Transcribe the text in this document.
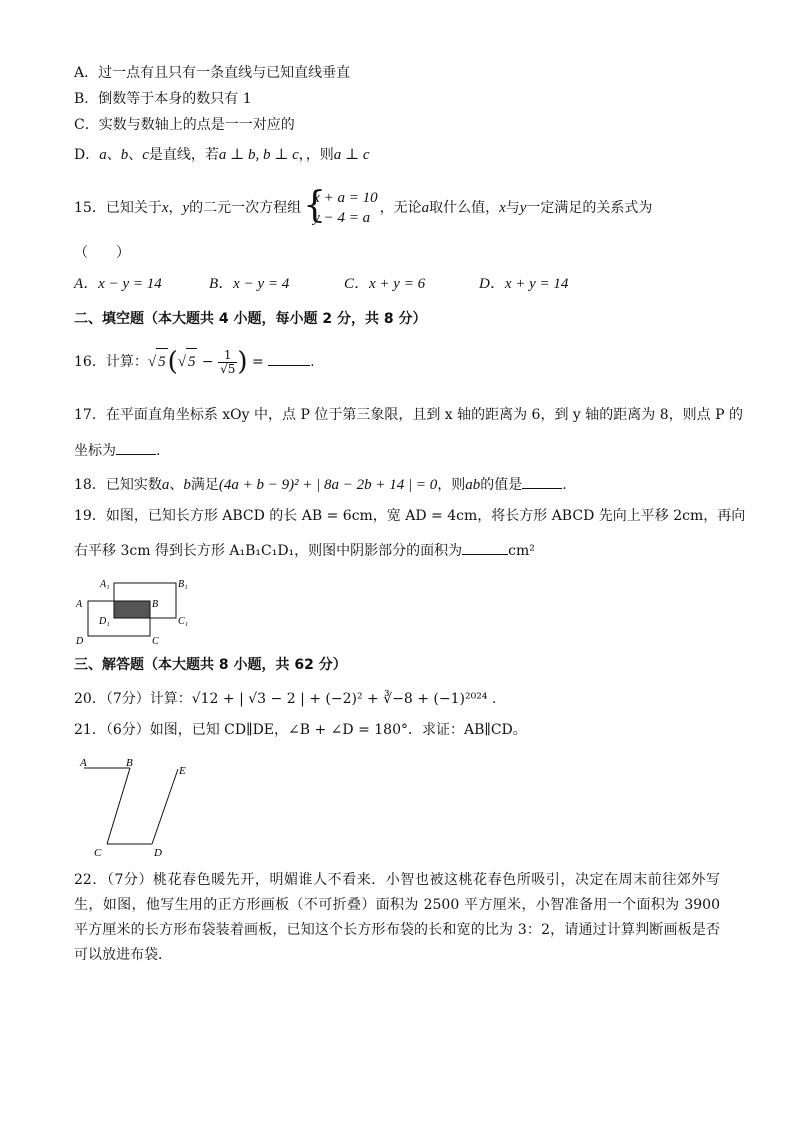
A．过一点有且只有一条直线与已知直线垂直
B．倒数等于本身的数只有 1
C．实数与数轴上的点是一一对应的
D．a、b、c是直线，若a ⊥ b, b ⊥ c，，则a ⊥ c
15．已知关于x，y的二元一次方程组 {
x + a = 10
y − 4 = a，无论a取什么值，x与y一定满足的关系式为
（　　）
A．x − y = 14	B．x − y = 4	C．x + y = 6	D．x + y = 14
二、填空题（本大题共 4 小题，每小题 2 分，共 8 分）
16．计算：√ 5(√ $5 - \frac{1}{√5}$ ) =	.
17．在平面直角坐标系 xOy 中，点 P 位于第三象限，且到 x 轴的距离为 6，到 y 轴的距离为 8，则点 P 的
坐标为	.
18．已知实数a、b满足(4a + b − 9)² + | 8a − 2b + 14 | = 0，则ab的值是	.
19．如图，已知长方形 ABCD 的长 AB = 6cm，宽 AD = 4cm，将长方形 ABCD 先向上平移 2cm，再向
右平移 3cm 得到长方形 A₁B₁C₁D₁，则图中阴影部分的面积为	cm²
A₁	B₁
A	B
D₁	C₁
D	C
三、解答题（本大题共 8 小题，共 62 分）
20．（7分）计算：√12 + | √3 − 2 | + (−2)² + ∛−8 + (−1)²⁰²⁴ .
21．（6分）如图，已知 CD∥DE，∠B + ∠D = 180°．求证：AB∥CD。
A	B
E
C	D
22．（7分）桃花春色暖先开，明媚谁人不看来．小智也被这桃花春色所吸引，决定在周末前往郊外写生，如图，他写生用的正方形画板（不可折叠）面积为 2500 平方厘米，小智准备用一个面积为 3900 平方厘米的长方形布袋装着画板，已知这个长方形布袋的长和宽的比为 3：2，请通过计算判断画板是否可以放进布袋．
